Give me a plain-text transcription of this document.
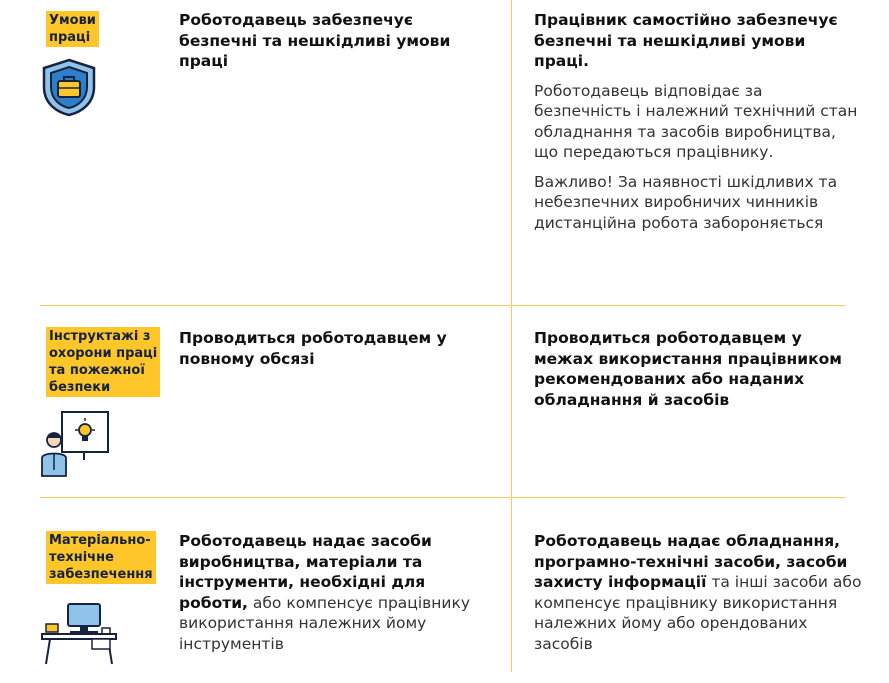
Умови
праці

Роботодавець забезпечує безпечні та нешкідливі умови праці

Працівник самостійно забезпечує безпечні та нешкідливі умови праці.

Роботодавець відповідає за безпечність і належний технічний стан обладнання та засобів виробництва, що передаються працівнику.

Важливо! За наявності шкідливих та небезпечних виробничих чинників дистанційна робота забороняється

Інструктажі з
охорони праці
та пожежної
безпеки

Проводиться роботодавцем у повному обсязі

Проводиться роботодавцем у межах використання працівником рекомендованих або наданих обладнання й засобів

Матеріально-
технічне
забезпечення

Роботодавець надає засоби виробництва, матеріали та інструменти, необхідні для роботи, або компенсує працівнику використання належних йому інструментів

Роботодавець надає обладнання, програмно-технічні засоби, засоби захисту інформації та інші засоби або компенсує працівнику використання належних йому або орендованих засобів
